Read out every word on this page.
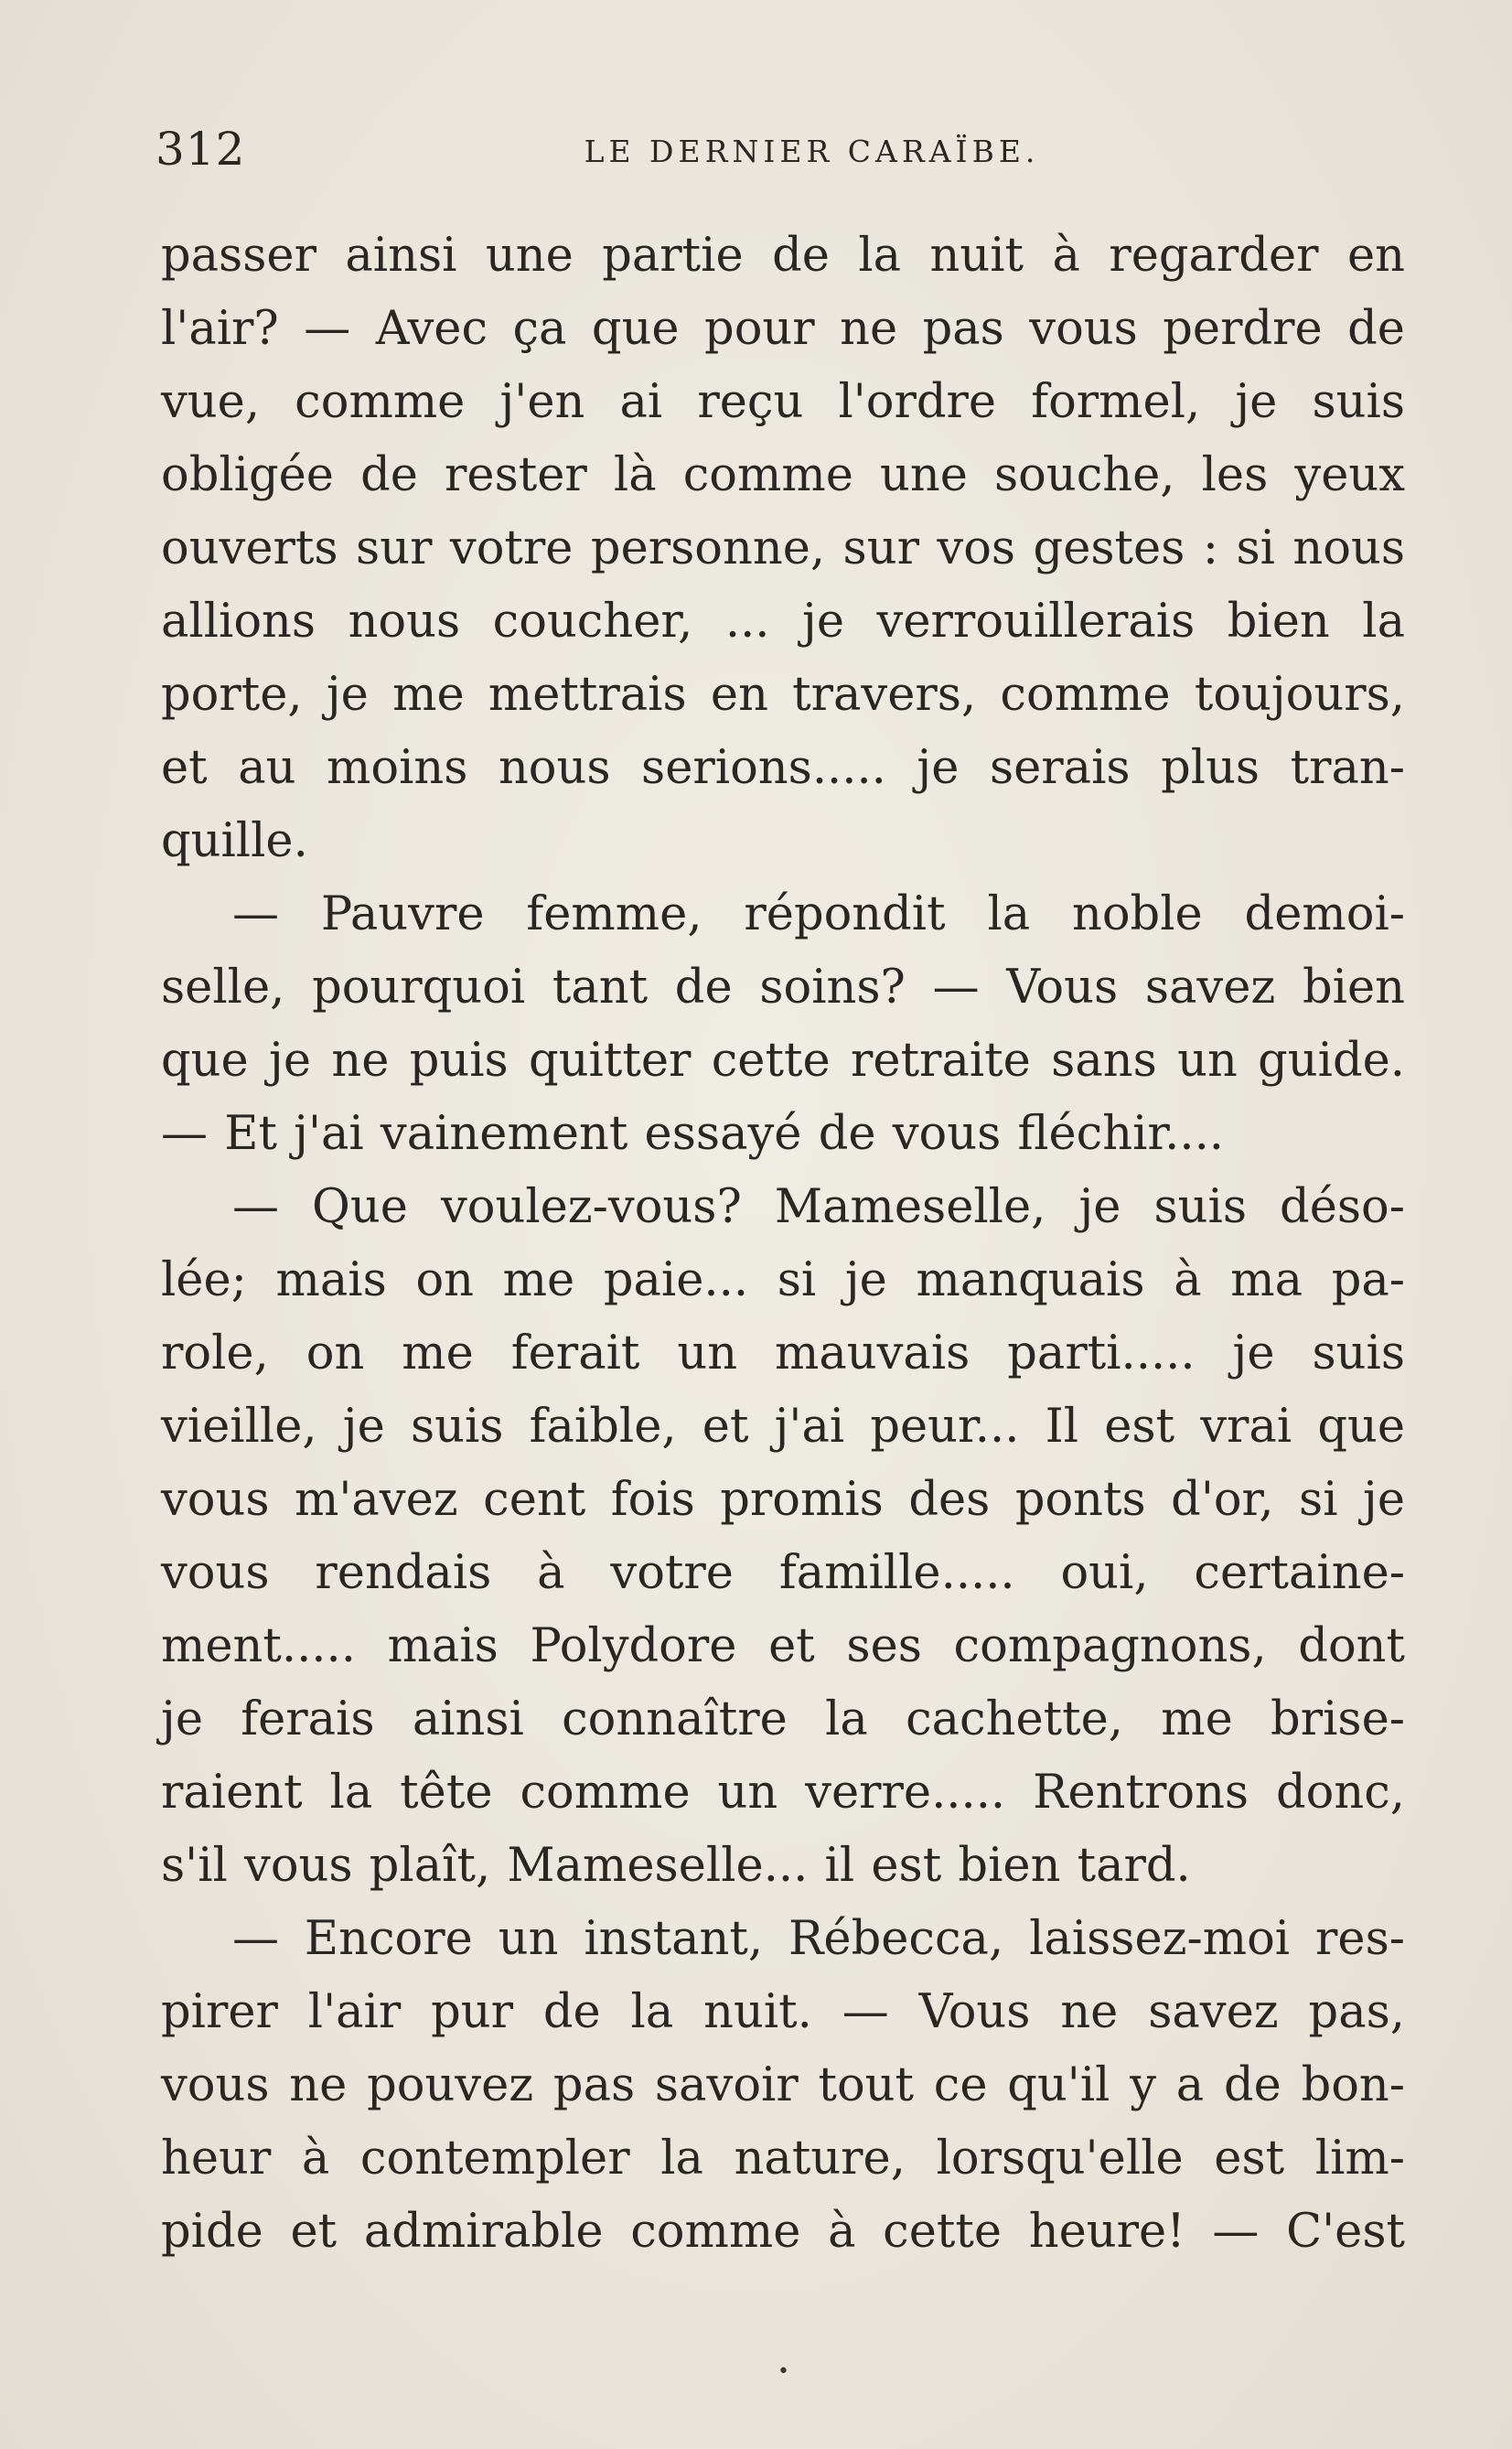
312	LE DERNIER CARAÏBE.
passer ainsi une partie de la nuit à regarder en
l'air? — Avec ça que pour ne pas vous perdre de
vue, comme j'en ai reçu l'ordre formel, je suis
obligée de rester là comme une souche, les yeux
ouverts sur votre personne, sur vos gestes : si nous
allions nous coucher, ... je verrouillerais bien la
porte, je me mettrais en travers, comme toujours,
et au moins nous serions..... je serais plus tran-
quille.
— Pauvre femme, répondit la noble demoi-
selle, pourquoi tant de soins? — Vous savez bien
que je ne puis quitter cette retraite sans un guide.
— Et j'ai vainement essayé de vous fléchir....
— Que voulez-vous? Mameselle, je suis déso-
lée; mais on me paie... si je manquais à ma pa-
role, on me ferait un mauvais parti..... je suis
vieille, je suis faible, et j'ai peur... Il est vrai que
vous m'avez cent fois promis des ponts d'or, si je
vous rendais à votre famille..... oui, certaine-
ment..... mais Polydore et ses compagnons, dont
je ferais ainsi connaître la cachette, me brise-
raient la tête comme un verre..... Rentrons donc,
s'il vous plaît, Mameselle... il est bien tard.
— Encore un instant, Rébecca, laissez-moi res-
pirer l'air pur de la nuit. — Vous ne savez pas,
vous ne pouvez pas savoir tout ce qu'il y a de bon-
heur à contempler la nature, lorsqu'elle est lim-
pide et admirable comme à cette heure! — C'est
•
